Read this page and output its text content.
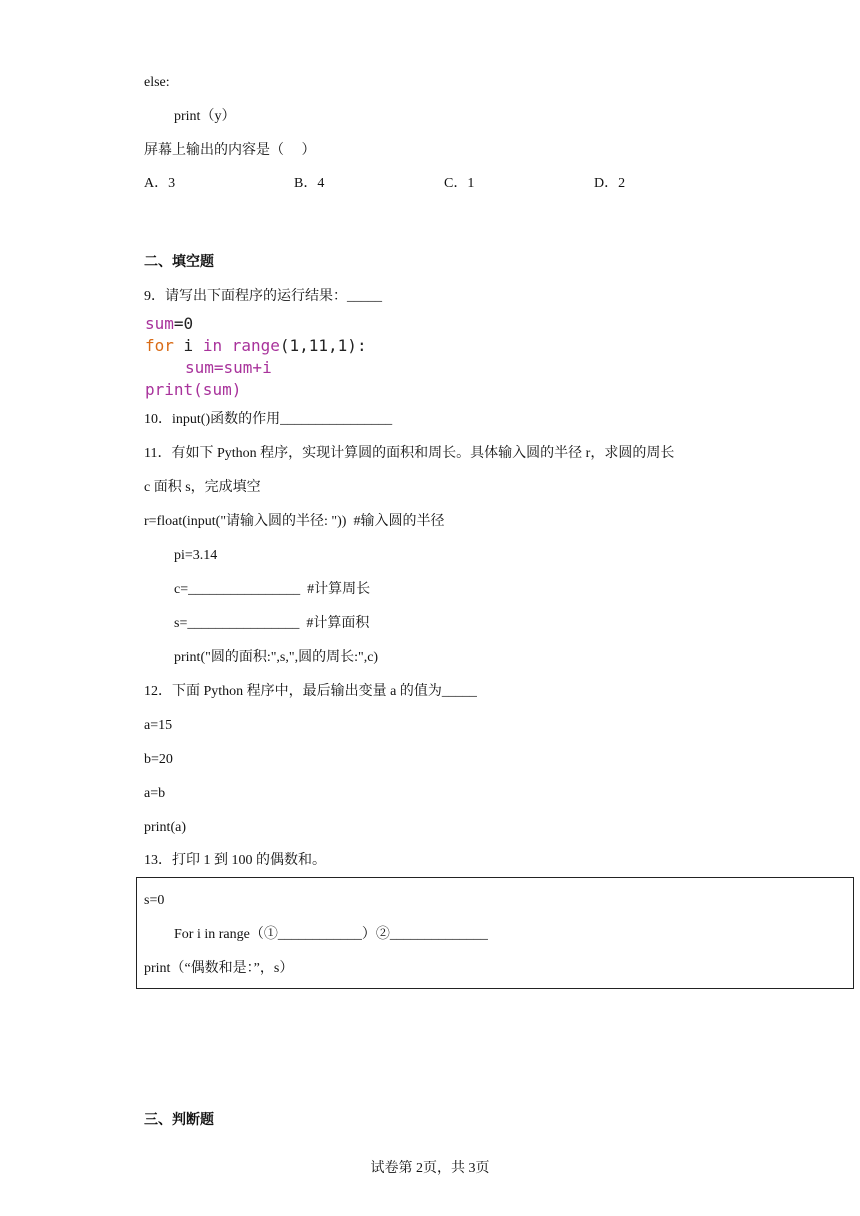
else:
print（y）
屏幕上输出的内容是（     ）
A．3	B．4	C．1	D．2
二、填空题
9．请写出下面程序的运行结果：_____
sum=0
for i in range(1,11,1):
sum=sum+i
print(sum)
10．input()函数的作用________________
11．有如下 Python 程序，实现计算圆的面积和周长。具体输入圆的半径 r，求圆的周长
c 面积 s，完成填空
r=float(input("请输入圆的半径: "))  #输入圆的半径
pi=3.14
c=________________  #计算周长
s=________________  #计算面积
print("圆的面积:",s,",圆的周长:",c)
12．下面 Python 程序中，最后输出变量 a 的值为_____
a=15
b=20
a=b
print(a)
13．打印 1 到 100 的偶数和。
s=0
For i in range（①____________）②______________
print（“偶数和是：”，s）
三、判断题
试卷第 2页，共 3页
